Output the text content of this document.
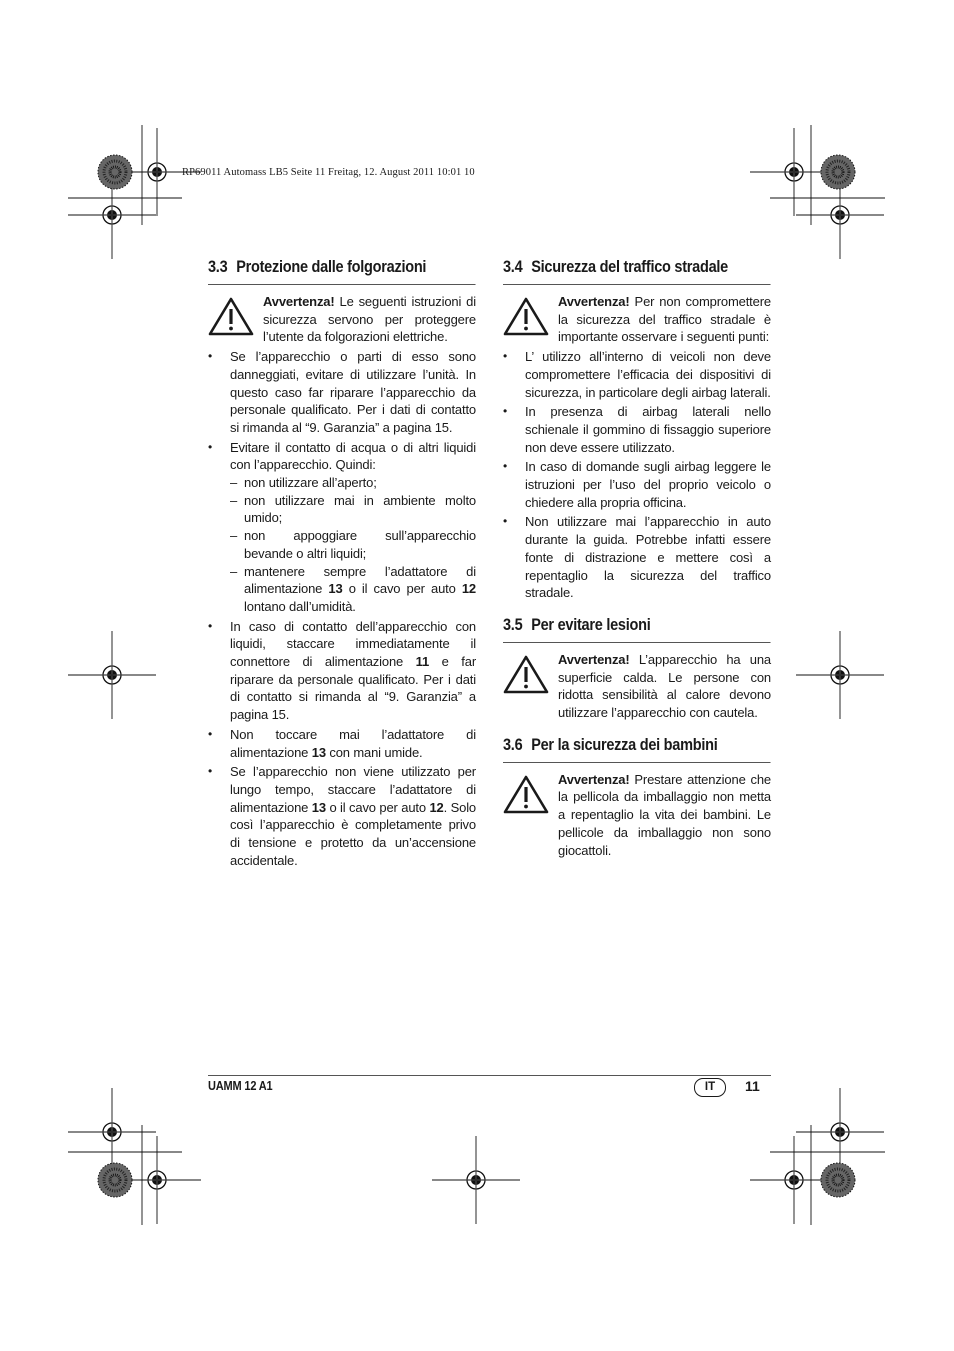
RP69011 Automass LB5 Seite 11 Freitag, 12. August 2011 10:01 10
3.3 Protezione dalle folgorazioni

Avvertenza! Le seguenti istruzioni di sicurezza servono per proteggere l’utente da folgorazioni elettriche.

• Se l’apparecchio o parti di esso sono danneggiati, evitare di utilizzare l’unità. In questo caso far riparare l’apparecchio da personale qualificato. Per i dati di contatto si rimanda al “9. Garanzia” a pagina 15.
• Evitare il contatto di acqua o di altri liquidi con l’apparecchio. Quindi:
– non utilizzare all’aperto;
– non utilizzare mai in ambiente molto umido;
– non appoggiare sull’apparecchio bevande o altri liquidi;
– mantenere sempre l’adattatore di alimentazione 13 o il cavo per auto 12 lontano dall’umidità.
• In caso di contatto dell’apparecchio con liquidi, staccare immediatamente il connettore di alimentazione 11 e far riparare da personale qualificato. Per i dati di contatto si rimanda al “9. Garanzia” a pagina 15.
• Non toccare mai l’adattatore di alimentazione 13 con mani umide.
• Se l’apparecchio non viene utilizzato per lungo tempo, staccare l’adattatore di alimentazione 13 o il cavo per auto 12. Solo così l’apparecchio è completamente privo di tensione e protetto da un’accensione accidentale.
3.4 Sicurezza del traffico stradale

Avvertenza! Per non compromettere la sicurezza del traffico stradale è importante osservare i seguenti punti:

• L’ utilizzo all’interno di veicoli non deve compromettere l’efficacia dei dispositivi di sicurezza, in particolare degli airbag laterali.
• In presenza di airbag laterali nello schienale il gommino di fissaggio superiore non deve essere utilizzato.
• In caso di domande sugli airbag leggere le istruzioni per l’uso del proprio veicolo o chiedere alla propria officina.
• Non utilizzare mai l’apparecchio in auto durante la guida. Potrebbe infatti essere fonte di distrazione e mettere così a repentaglio la sicurezza del traffico stradale.
3.5 Per evitare lesioni

Avvertenza! L’apparecchio ha una superficie calda. Le persone con ridotta sensibilità al calore devono utilizzare l’apparecchio con cautela.

3.6 Per la sicurezza dei bambini

Avvertenza! Prestare attenzione che la pellicola da imballaggio non metta a repentaglio la vita dei bambini. Le pellicole da imballaggio non sono giocattoli.

UAMM 12 A1	IT	11
